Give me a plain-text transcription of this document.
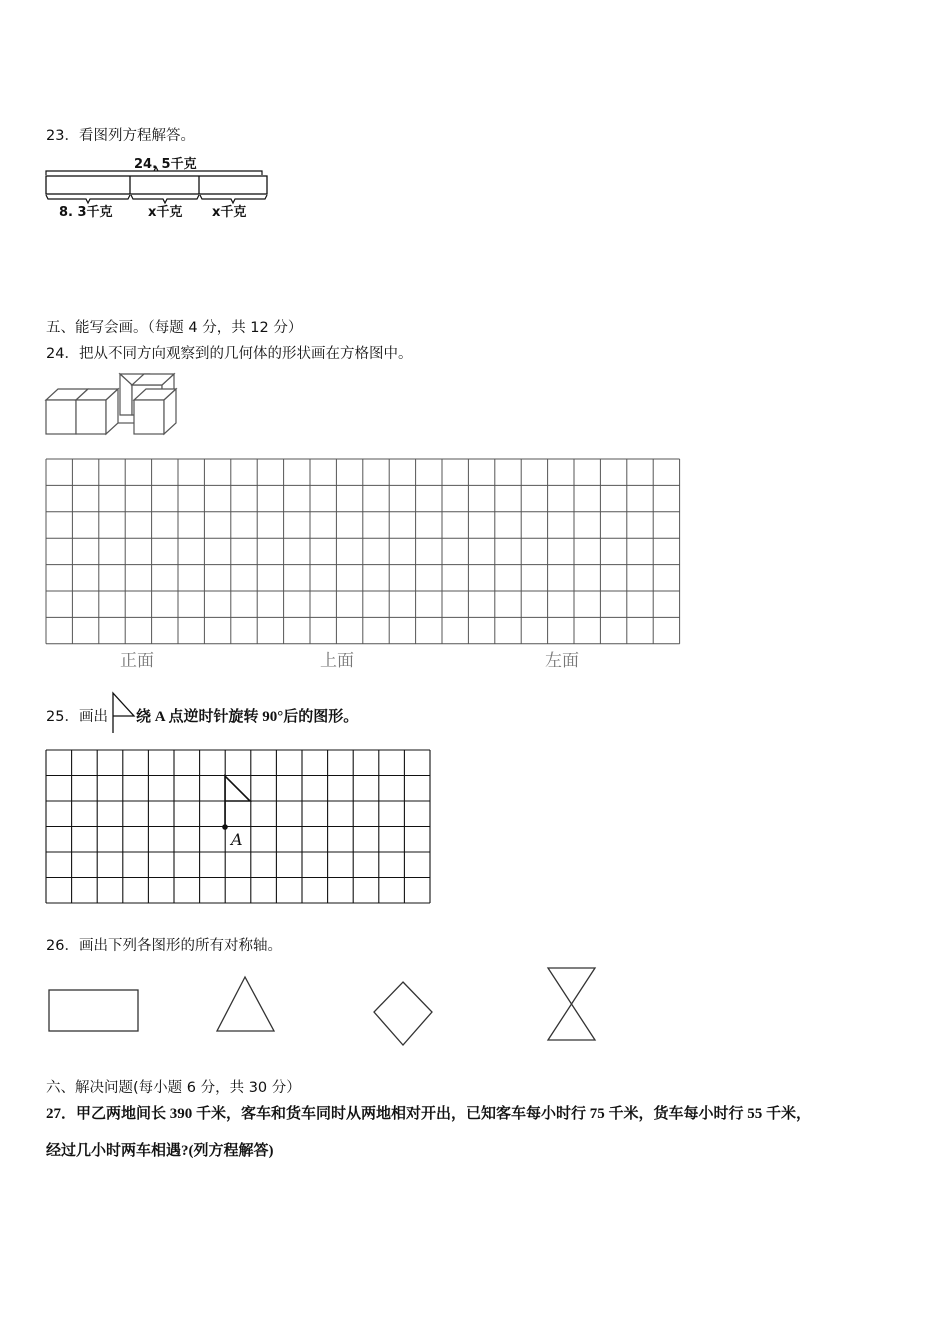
23．看图列方程解答。
24. 5千克
8. 3千克	x千克 x千克
五、能写会画。（每题 4 分，共 12 分）
24．把从不同方向观察到的几何体的形状画在方格图中。
正面	上面	左面
25．画出 绕 A 点逆时针旋转 90°后的图形。
A
26．画出下列各图形的所有对称轴。
六、解决问题(每小题 6 分，共 30 分）
27．甲乙两地间长 390 千米，客车和货车同时从两地相对开出，已知客车每小时行 75 千米，货车每小时行 55 千米，
经过几小时两车相遇?(列方程解答)
